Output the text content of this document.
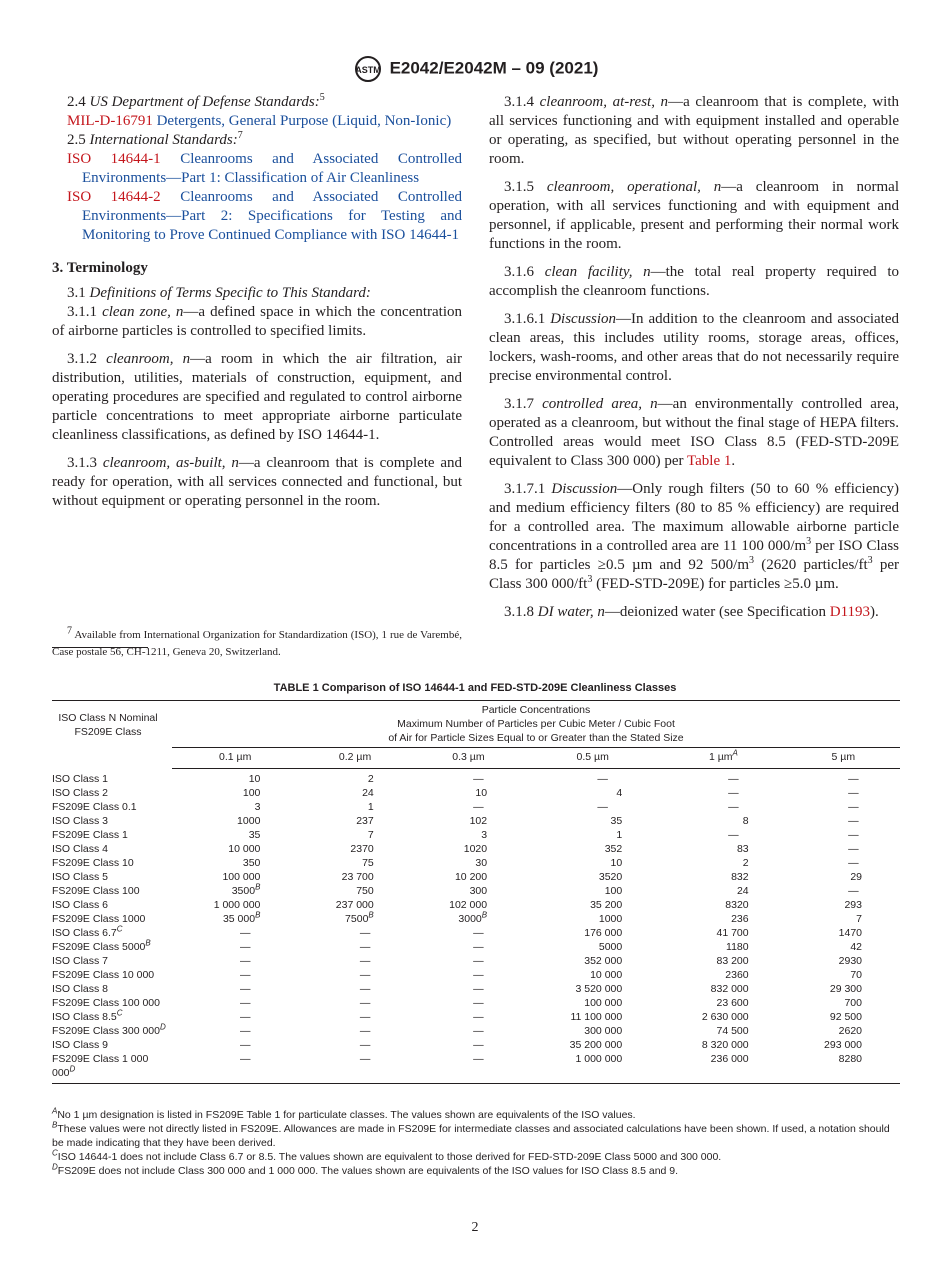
ASTM E2042/E2042M – 09 (2021)

2.4 US Department of Defense Standards:$^5$

MIL-D-16791 Detergents, General Purpose (Liquid, Non-Ionic)

2.5 International Standards:$^7$

ISO 14644-1 Cleanrooms and Associated Controlled Environments—Part 1: Classification of Air Cleanliness

ISO 14644-2 Cleanrooms and Associated Controlled Environments—Part 2: Specifications for Testing and Monitoring to Prove Continued Compliance with ISO 14644-1

3. Terminology

3.1 Definitions of Terms Specific to This Standard:

3.1.1 clean zone, n—a defined space in which the concentration of airborne particles is controlled to specified limits.

3.1.2 cleanroom, n—a room in which the air filtration, air distribution, utilities, materials of construction, equipment, and operating procedures are specified and regulated to control airborne particle concentrations to meet appropriate airborne particulate cleanliness classifications, as defined by ISO 14644-1.

3.1.3 cleanroom, as-built, n—a cleanroom that is complete and ready for operation, with all services connected and functional, but without equipment or operating personnel in the room.

$^7$ Available from International Organization for Standardization (ISO), 1 rue de Varembé, Case postale 56, CH-1211, Geneva 20, Switzerland.

3.1.4 cleanroom, at-rest, n—a cleanroom that is complete, with all services functioning and with equipment installed and operable or operating, as specified, but without operating personnel in the room.

3.1.5 cleanroom, operational, n—a cleanroom in normal operation, with all services functioning and with equipment and personnel, if applicable, present and performing their normal work functions in the room.

3.1.6 clean facility, n—the total real property required to accomplish the cleanroom functions.

3.1.6.1 Discussion—In addition to the cleanroom and associated clean areas, this includes utility rooms, storage areas, offices, lockers, wash-rooms, and other areas that do not necessarily require precise environmental control.

3.1.7 controlled area, n—an environmentally controlled area, operated as a cleanroom, but without the final stage of HEPA filters. Controlled areas would meet ISO Class 8.5 (FED-STD-209E equivalent to Class 300 000) per Table 1.

3.1.7.1 Discussion—Only rough filters (50 to 60 % efficiency) and medium efficiency filters (80 to 85 % efficiency) are required for a controlled area. The maximum allowable airborne particle concentrations in a controlled area are 11 100 $000/m^3$ per ISO Class 8.5 for particles ≥0.5 µm and 92 $500/m^3$ (2620 particles/$ft^3$ per Class 300 $000/ft^3$ (FED-STD-209E) for particles ≥5.0 µm.

3.1.8 DI water, n—deionized water (see Specification D1193).

TABLE 1 Comparison of ISO 14644-1 and FED-STD-209E Cleanliness Classes
ISO Class N Nominal FS209E Class	Particle Concentrations
Maximum Number of Particles per Cubic Meter / Cubic Foot
of Air for Particle Sizes Equal to or Greater than the Stated Size					

	0.1 µm	0.2 µm	0.3 µm	0.5 µm	1 µm$^A$	5 µm
ISO Class 1	10	2	—	—	—	—
ISO Class 2	100	24	10	4	—	—
FS209E Class 0.1	3	1	—	—	—	—
ISO Class 3	1000	237	102	35	8	—
FS209E Class 1	35	7	3	1	—	—
ISO Class 4	10 000	2370	1020	352	83	—
FS209E Class 10	350	75	30	10	2	—
ISO Class 5	100 000	23 700	10 200	3520	832	29
FS209E Class 100	$3500^B$	750	300	100	24	—
ISO Class 6	1 000 000	237 000	102 000	35 200	8320	293
FS209E Class 1000	35 $000^B$	$7500^B$	$3000^B$	1000	236	7
ISO Class $6.7^C$	—	—	—	176 000	41 700	1470
FS209E Class $5000^B$	—	—	—	5000	1180	42
ISO Class 7	—	—	—	352 000	83 200	2930
FS209E Class 10 000	—	—	—	10 000	2360	70
ISO Class 8	—	—	—	3 520 000	832 000	29 300
FS209E Class 100 000	—	—	—	100 000	23 600	700
ISO Class $8.5^C$	—	—	—	11 100 000	2 630 000	92 500
FS209E Class 300 $000^D$	—	—	—	300 000	74 500	2620
ISO Class 9	—	—	—	35 200 000	8 320 000	293 000
FS209E Class 1 000 $000^D$	—	—	—	1 000 000	236 000	8280
$^A$No 1 µm designation is listed in FS209E Table 1 for particulate classes. The values shown are equivalents of the ISO values.
$^B$These values were not directly listed in FS209E. Allowances are made in FS209E for intermediate classes and associated calculations have been shown. If used, a notation should be made indicating that they have been derived.
$^C$ISO 14644-1 does not include Class 6.7 or 8.5. The values shown are equivalent to those derived for FED-STD-209E Class 5000 and 300 000.
$^D$FS209E does not include Class 300 000 and 1 000 000. The values shown are equivalents of the ISO values for ISO Class 8.5 and 9.
2
